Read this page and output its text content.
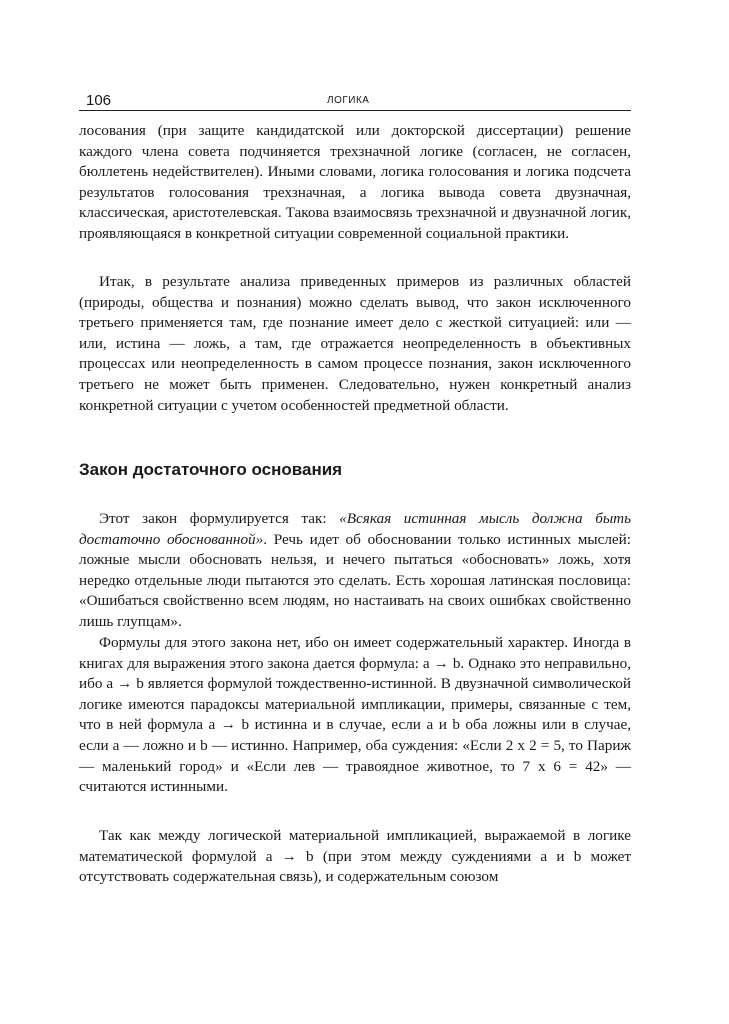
106	ЛОГИКА

лосования (при защите кандидатской или докторской диссертации) решение каждого члена совета подчиняется трехзначной логике (согласен, не согласен, бюллетень недействителен). Иными словами, логика голосования и логика подсчета результатов голосования трехзначная, а логика вывода совета двузначная, классическая, аристотелевская. Такова взаимосвязь трехзначной и двузначной логик, проявляющаяся в конкретной ситуации современной социальной практики.

Итак, в результате анализа приведенных примеров из различных областей (природы, общества и познания) можно сделать вывод, что закон исключенного третьего применяется там, где познание имеет дело с жесткой ситуацией: или — или, истина — ложь, а там, где отражается неопределенность в объективных процессах или неопределенность в самом процессе познания, закон исключенного третьего не может быть применен. Следовательно, нужен конкретный анализ конкретной ситуации с учетом особенностей предметной области.

Закон достаточного основания

Этот закон формулируется так: «Всякая истинная мысль должна быть достаточно обоснованной». Речь идет об обосновании только истинных мыслей: ложные мысли обосновать нельзя, и нечего пытаться «обосновать» ложь, хотя нередко отдельные люди пытаются это сделать. Есть хорошая латинская пословица: «Ошибаться свойственно всем людям, но настаивать на своих ошибках свойственно лишь глупцам».

Формулы для этого закона нет, ибо он имеет содержательный характер. Иногда в книгах для выражения этого закона дается формула: a → b. Однако это неправильно, ибо a → b является формулой тождественно-истинной. В двузначной символической логике имеются парадоксы материальной импликации, примеры, связанные с тем, что в ней формула a → b истинна и в случае, если a и b оба ложны или в случае, если a — ложно и b — истинно. Например, оба суждения: «Если 2 х 2 = 5, то Париж — маленький город» и «Если лев — травоядное животное, то 7 х 6 = 42» — считаются истинными.

Так как между логической материальной импликацией, выражаемой в логике математической формулой a → b (при этом между суждениями a и b может отсутствовать содержательная связь), и содержательным союзом
